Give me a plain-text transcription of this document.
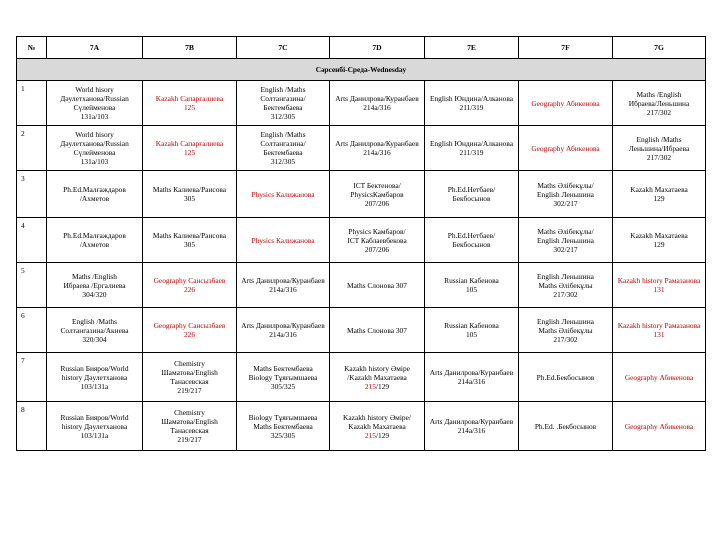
№	7A	7B	7C	7D	7E	7F	7G
Сәрсенбі-Среда-Wednesday							
1	World hisory
Дәулетханова/Russian
Сүлейменова
131а/103	Kazakh Сапарғалиева
125	English /Maths
Солтангазина/
Бектембаева
312/305	Arts Данилрова/Куранбаев
214а/316	English Юндина/Алканова
211/319	Geography Абикенова	Maths /English
Ибраева/Леньшина
217/302

2	World hisory
Дәулетханова/Russian
Сүлейменова
131а/103	Kazakh Сапарғалиева
125	English /Maths
Солтангазина/
Бектембаева
312/305	Arts Данилрова/Куранбаев
214а/316	English Юндина/Алканова
211/319	Geography Абикенова	English /Maths
Леньшина/Ибраева
217/302

3	Ph.Ed.Малғаждаров
/Ахметов	Maths Калиева/Раисова
305	Physics Калижанова	ICT Бектенова/
PhysicsКамбаров
207/206	Ph.Ed.Нетбаев/
Бекбосынов	Maths Әлібекұлы/
English Леньшина
302/217	Kazakh Махатаева
129

4	Ph.Ed.Малғаждаров
/Ахметов	Maths Калиева/Раисова
305	Physics Калижанова	Physics Камбаров/
ICT Каблаевбекова
207/206	Ph.Ed.Нетбаев/
Бекбосынов	Maths Әлібекұлы/
English Леньшина
302/217	Kazakh Махатаева
129

5	Maths /English
Ибраева /Ергалиева
304/320	Geography Сансызбаев
226	Arts Данилрова/Куранбаев
214а/316	Maths Слонова 307	Russian Кабенова
105	English Леньшина
Maths Әлібекұлы
217/302	Kazakh history Рамазанова
131

6	English /Maths
Солтангазина/Акиева
320/304	Geography Сансызбаев
226	Arts Данилрова/Куранбаев
214а/316	Maths Слонова 307	Russian Кабенова
105	English Леньшина
Maths Әлібекұлы
217/302	Kazakh history Рамазанова
131

7	Russian Бияров/World
history Дәулетханова
103/131а	Chemistry
Шаматова/English
Танаcевская
219/217	Maths Бектембаева
Biology Тұяғымшаева
305/325	Kazakh history Әміре
/Kazakh Махатаева
215/129	Arts Данилрова/Куранбаев
214а/316	Ph.Ed.Бекбосынов	Geography Абикенова

8	Russian Бияров/World
history Дәулетханова
103/131а	Chemistry
Шаматова/English
Танаcевская
219/217	Biology Тұяғымшаева
Maths Бектембаева
325/305	Kazakh history Әміре/
Kazakh Махатаева
215/129	Arts Данилрова/Куранбаев
214а/316	Ph.Ed. .Бекбосынов	Geography Абикенова
